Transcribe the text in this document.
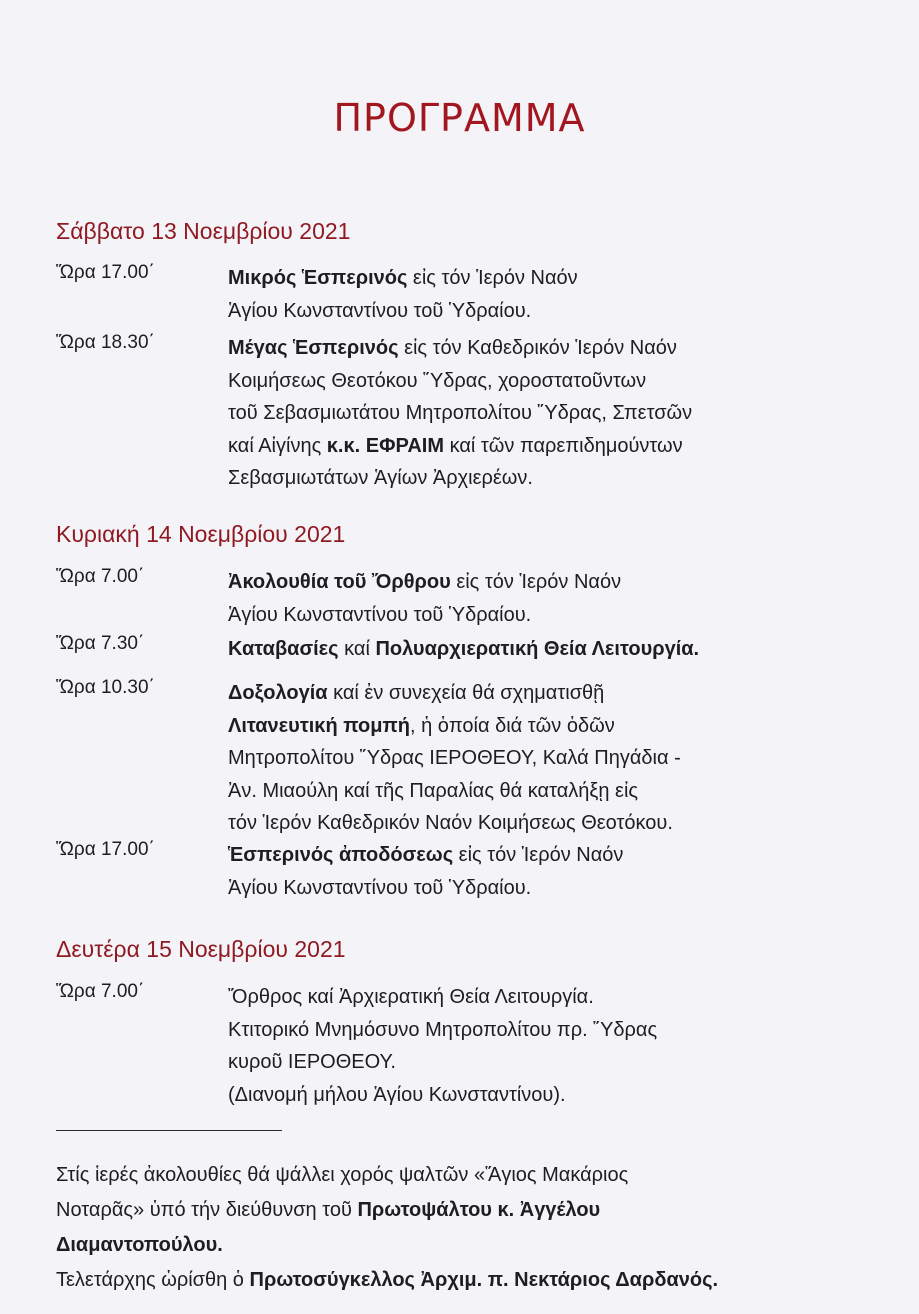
ΠΡΟΓΡΑΜΜΑ
Σάββατο 13 Νοεμβρίου 2021
Ὥρα 17.00΄	Μικρός Ἑσπερινός εἰς τόν Ἱερόν Ναόν

Ἁγίου Κωνσταντίνου τοῦ Ὑδραίου.

Ὥρα 18.30΄	Μέγας Ἑσπερινός εἰς τόν Καθεδρικόν Ἱερόν Ναόν

Κοιμήσεως Θεοτόκου Ὕδρας, χοροστατοῦντων

τοῦ Σεβασμιωτάτου Μητροπολίτου Ὕδρας, Σπετσῶν

καί Αἰγίνης κ.κ. ΕΦΡΑΙΜ καί τῶν παρεπιδημούντων

Σεβασμιωτάτων Ἁγίων Ἀρχιερέων.

Κυριακή 14 Νοεμβρίου 2021
Ὥρα 7.00΄	Ἀκολουθία τοῦ Ὄρθρου εἰς τόν Ἱερόν Ναόν

Ἁγίου Κωνσταντίνου τοῦ Ὑδραίου.

Ὥρα 7.30΄	Καταβασίες καί Πολυαρχιερατική Θεία Λειτουργία.

Ὥρα 10.30΄	Δοξολογία καί ἐν συνεχεία θά σχηματισθῇ

Λιτανευτική πομπή, ἡ ὁποία διά τῶν ὁδῶν

Μητροπολίτου Ὕδρας ΙΕΡΟΘΕΟΥ, Καλά Πηγάδια -

Ἀν. Μιαούλη καί τῆς Παραλίας θά καταλήξῃ εἰς

τόν Ἱερόν Καθεδρικόν Ναόν Κοιμήσεως Θεοτόκου.

Ὥρα 17.00΄	Ἑσπερινός ἀποδόσεως εἰς τόν Ἱερόν Ναόν

Ἁγίου Κωνσταντίνου τοῦ Ὑδραίου.

Δευτέρα 15 Νοεμβρίου 2021
Ὥρα 7.00΄	Ὄρθρος καί Ἀρχιερατική Θεία Λειτουργία.

Κτιτορικό Μνημόσυνο Μητροπολίτου πρ. Ὕδρας

κυροῦ ΙΕΡΟΘΕΟΥ.

(Διανομή μήλου Ἁγίου Κωνσταντίνου).

Στίς ἱερές ἀκολουθίες θά ψάλλει χορός ψαλτῶν «Ἅγιος Μακάριος

Νοταρᾶς» ὑπό τήν διεύθυνση τοῦ Πρωτοψάλτου κ. Ἀγγέλου

Διαμαντοπούλου.

Τελετάρχης ὡρίσθη ὁ Πρωτοσύγκελλος Ἀρχιμ. π. Νεκτάριος Δαρδανός.
